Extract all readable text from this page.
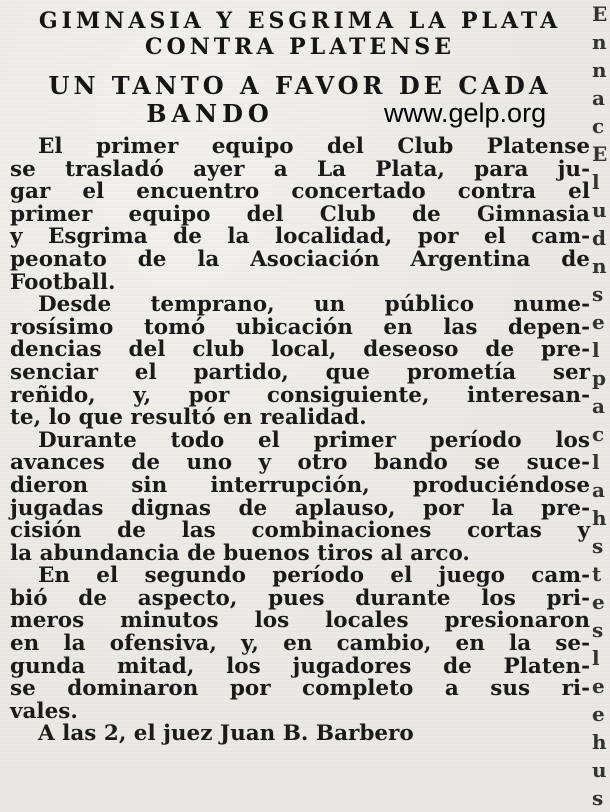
E
n
n
a
c
E
l
u
d
n
s
e
l
p
a
c
l
a
h
s
t
e
s
l
e
e
h
u
s
GIMNASIA Y ESGRIMA LA PLATA
CONTRA PLATENSE
UN TANTO A FAVOR DE CADA
BANDO
El primer equipo del Club Platense
se trasladó ayer a La Plata, para ju-
gar el encuentro concertado contra el
primer equipo del Club de Gimnasia
y Esgrima de la localidad, por el cam-
peonato de la Asociación Argentina de
Football.
Desde temprano, un público nume-
rosísimo tomó ubicación en las depen-
dencias del club local, deseoso de pre-
senciar el partido, que prometía ser
reñido, y, por consiguiente, interesan-
te, lo que resultó en realidad.
Durante todo el primer período los
avances de uno y otro bando se suce-
dieron sin interrupción, produciéndose
jugadas dignas de aplauso, por la pre-
cisión de las combinaciones cortas y
la abundancia de buenos tiros al arco.
En el segundo período el juego cam-
bió de aspecto, pues durante los pri-
meros minutos los locales presionaron
en la ofensiva, y, en cambio, en la se-
gunda mitad, los jugadores de Platen-
se dominaron por completo a sus ri-
vales.
A las 2, el juez Juan B. Barbero
www.gelp.org
